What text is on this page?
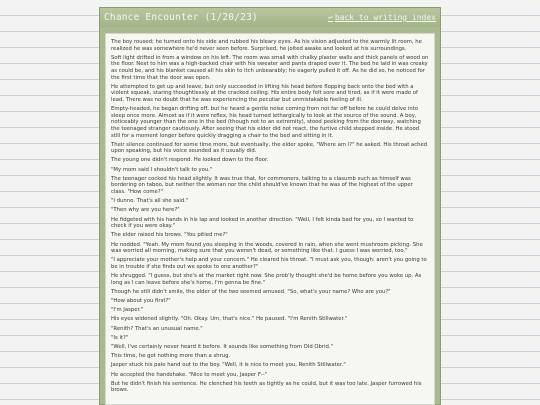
Chance Encounter (1/20/23)	↩ back to writing index

The boy roused; he turned onto his side and rubbed his bleary eyes. As his vision adjusted to the warmly lit room, he realized he was somewhere he'd never seen before. Surprised, he jolted awake and looked at his surroundings.

Soft light drifted in from a window on his left. The room was small with chalky plaster walls and thick panels of wood on the floor. Next to him was a high-backed chair with his sweater and pants draped over it. The bed he laid in was creaky as could be, and his blanket caused all his skin to itch unbearably; he eagerly pulled it off. As he did so, he noticed for the first time that the door was open.

He attempted to get up and leave, but only succeeded in lifting his head before flopping back onto the bed with a violent squeak, staring thoughtlessly at the cracked ceiling. His entire body felt sore and tired, as if it were made of lead. There was no doubt that he was experiencing the peculiar but unmistakable feeling of ill.

Empty-headed, he began drifting off, but he heard a gentle noise coming from not far off before he could delve into sleep once more. Almost as if it were reflex, his head turned lethargically to look at the source of the sound. A boy, noticeably younger than the one in the bed (though not to an extremity), stood peeking from the doorway, watching the teenaged stranger cautiously. After seeing that his elder did not react, the furtive child stepped inside. He stood still for a moment longer before quickly dragging a chair to the bed and sitting in it.

Their silence continued for some time more, but eventually, the elder spoke, "Where am I?" he asked. His throat ached upon speaking, but his voice sounded as it usually did.

The young one didn't respond. He looked down to the floor.

"My mom said I shouldn't talk to you."

The teenager cocked his head slightly. It was true that, for commoners, talking to a clasumb such as himself was bordering on taboo, but neither the woman nor the child should've known that he was of the highest of the upper class. "How come?"

"I dunno. That's all she said."

"Then why are you here?"

He fidgeted with his hands in his lap and looked in another direction. "Well, I felt kinda bad for you, so I wanted to check if you were okay."

The elder raised his brows. "You pitied me?"

He nodded. "Yeah. My mom found you sleeping in the woods, covered in rain, when she went mushroom picking. She was worried all morning, making sure that you weren't dead, or something like that. I guess I was worried, too."

"I appreciate your mother's help and your concern." He cleared his throat. "I must ask you, though: aren't you going to be in trouble if she finds out we spoke to one another?"

He shrugged. "I guess, but she's at the market right now. She prob'ly thought she'd be home before you woke up. As long as I can leave before she's home, I'm gonna be fine."

Though he still didn't smile, the older of the two seemed amused. "So, what's your name? Who are you?"

"How about you first?"

"I'm Jasper."

His eyes widened slightly. "Oh. Okay. Um, that's nice." He paused. "I'm Renith Stillwater."

"Renith? That's an unusual name."

"Is it?"

"Well, I've certainly never heard it before. It sounds like something from Old Obrid."

This time, he got nothing more than a shrug.

Jasper stuck his pale hand out to the boy. "Well, it is nice to meet you, Renith Stillwater."

He accepted the handshake. "Nice to meet you, Jasper F--"

But he didn't finish his sentence. He clenched his teeth as tightly as he could, but it was too late. Jasper furrowed his brows.
